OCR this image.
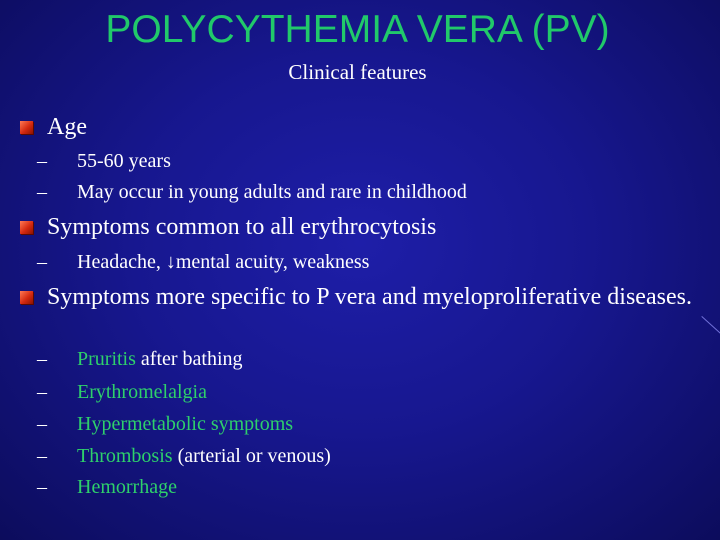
POLYCYTHEMIA VERA (PV)
Clinical features
Age
– 55-60 years
– May occur in young adults and rare in childhood
Symptoms common to all erythrocytosis
– Headache, ↓mental acuity, weakness
Symptoms more specific to P vera and myeloproliferative diseases.
– Pruritis after bathing
– Erythromelalgia
– Hypermetabolic symptoms
– Thrombosis (arterial or venous)
– Hemorrhage
